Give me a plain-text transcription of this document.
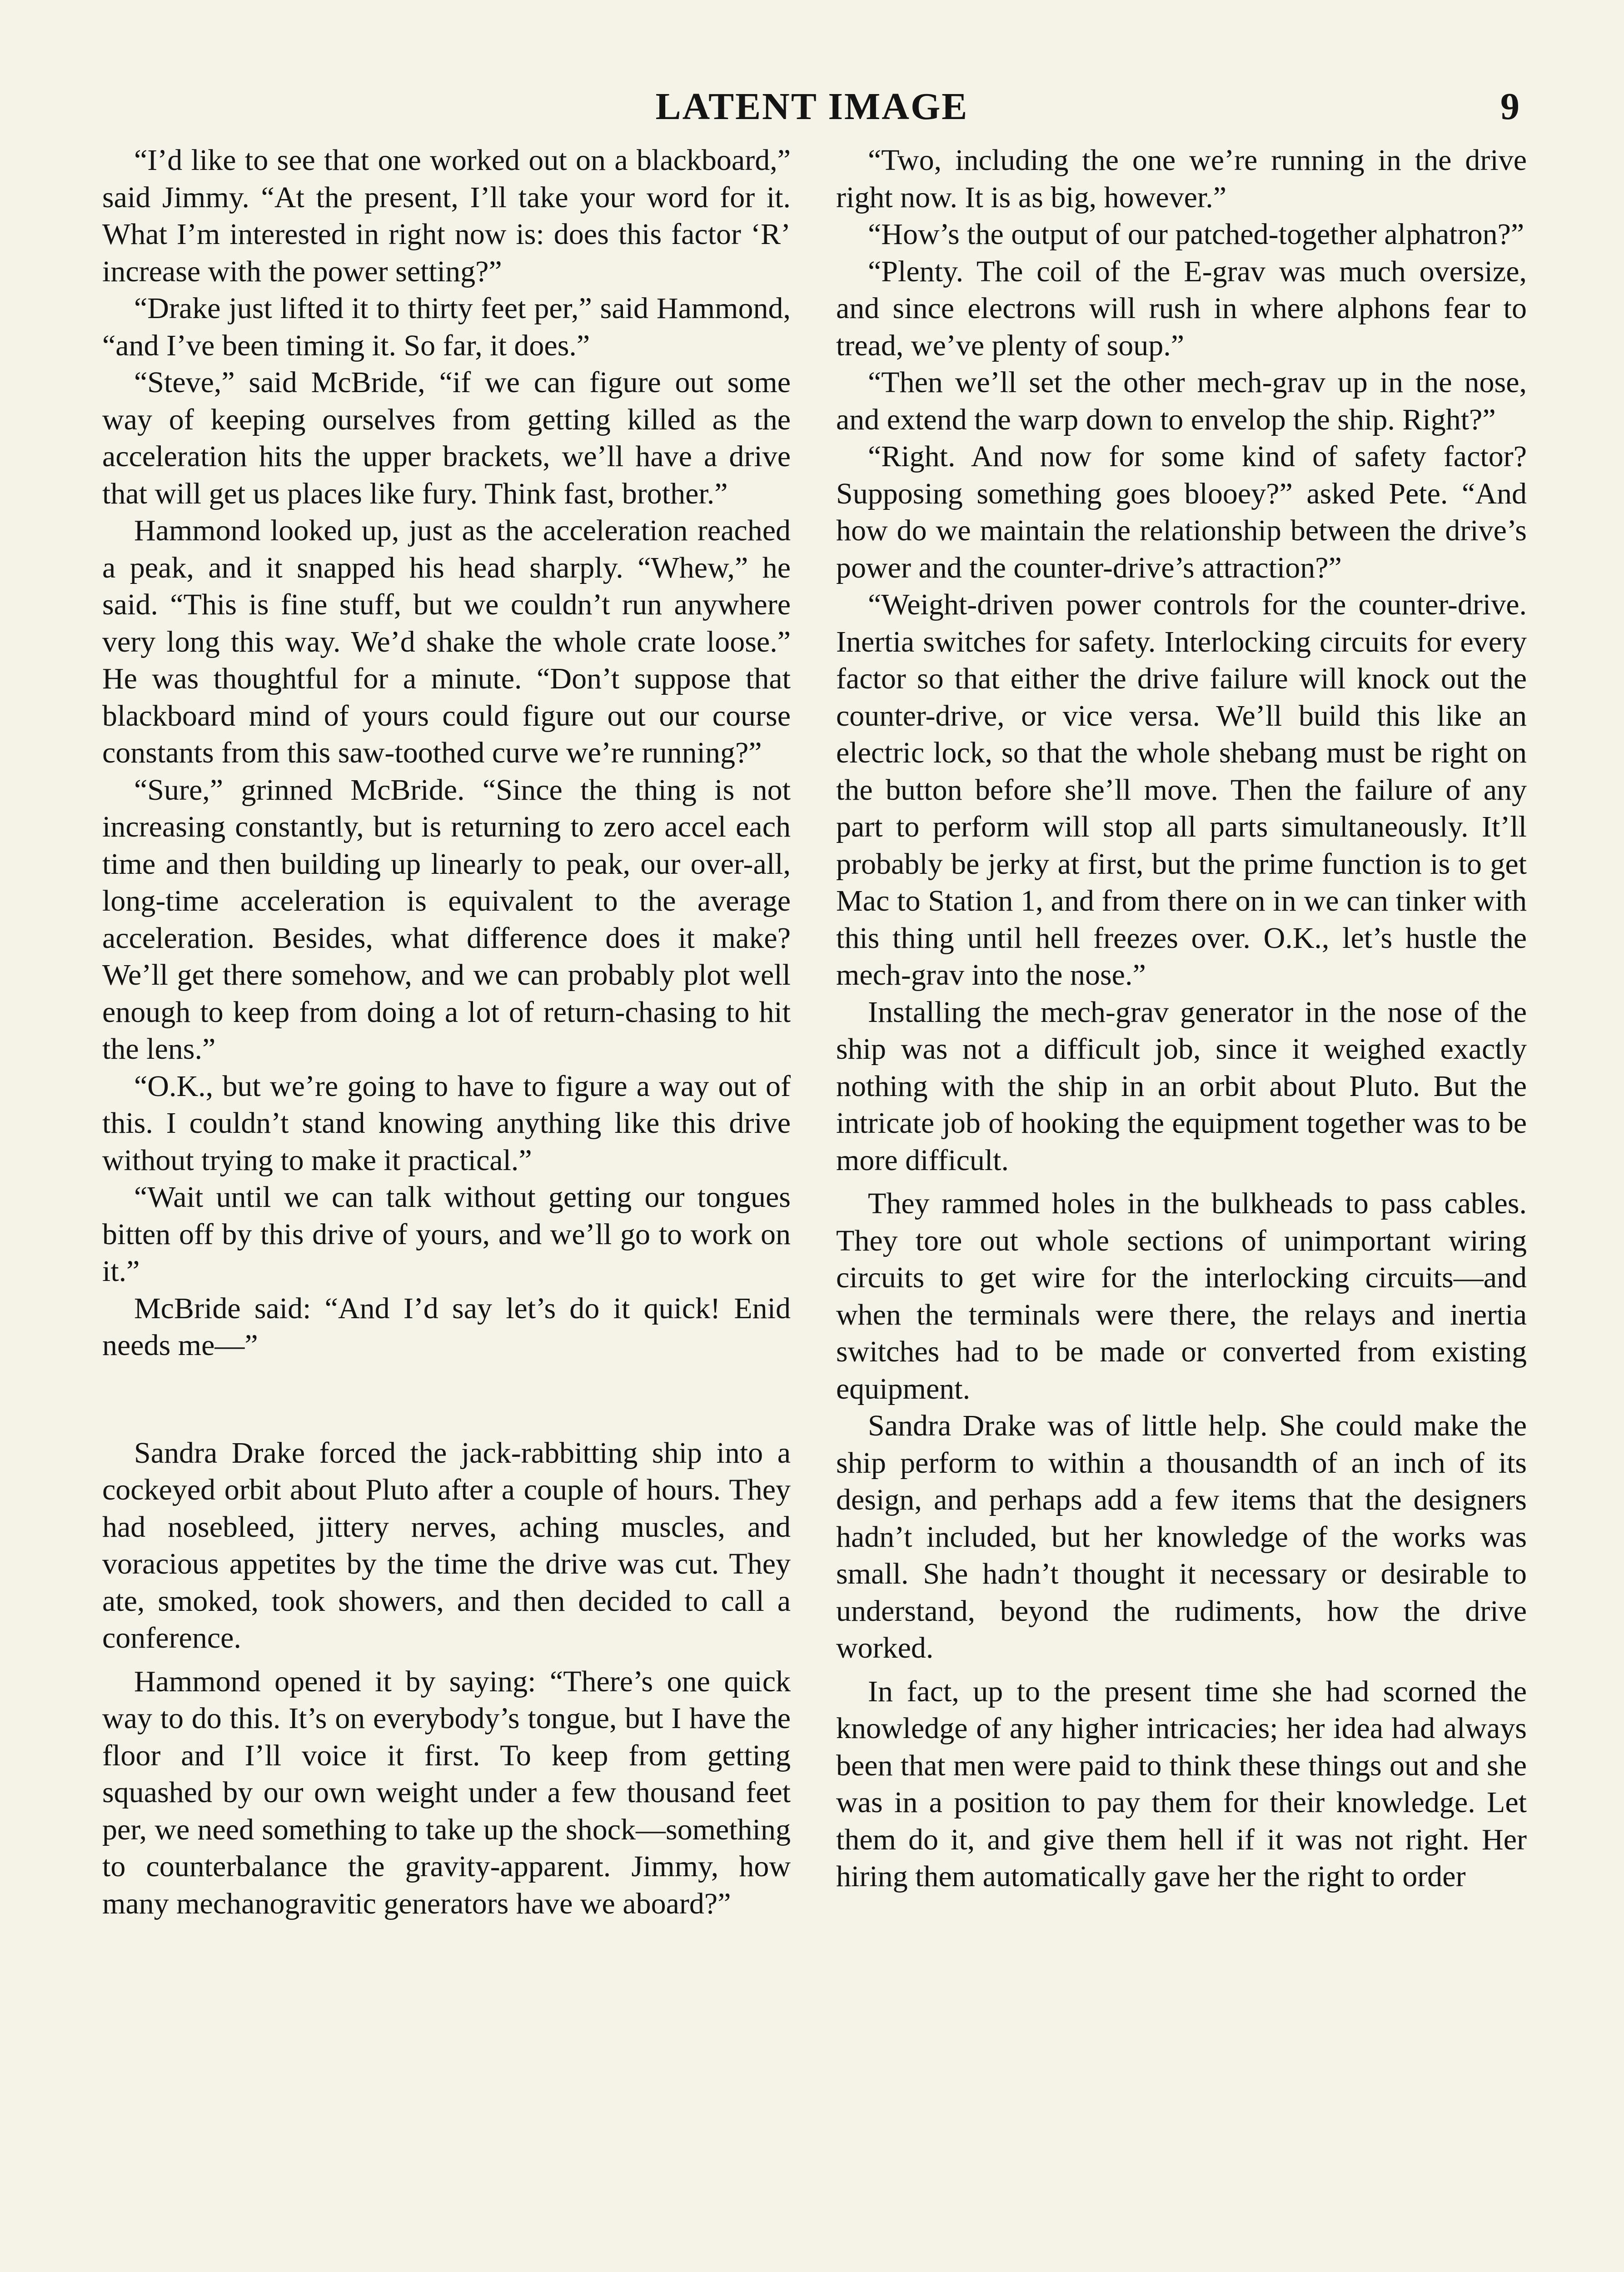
LATENT IMAGE	9

“I’d like to see that one worked out on a blackboard,” said Jimmy. “At the present, I’ll take your word for it. What I’m interested in right now is: does this factor ‘R’ increase with the power setting?”

“Drake just lifted it to thirty feet per,” said Hammond, “and I’ve been timing it. So far, it does.”

“Steve,” said McBride, “if we can figure out some way of keeping ourselves from getting killed as the acceleration hits the upper brackets, we’ll have a drive that will get us places like fury. Think fast, brother.”

Hammond looked up, just as the acceleration reached a peak, and it snapped his head sharply. “Whew,” he said. “This is fine stuff, but we couldn’t run anywhere very long this way. We’d shake the whole crate loose.” He was thoughtful for a minute. “Don’t suppose that blackboard mind of yours could figure out our course constants from this saw-toothed curve we’re running?”

“Sure,” grinned McBride. “Since the thing is not increasing constantly, but is returning to zero accel each time and then building up linearly to peak, our over-all, long-time acceleration is equivalent to the average acceleration. Besides, what difference does it make? We’ll get there somehow, and we can probably plot well enough to keep from doing a lot of return-chasing to hit the lens.”

“O.K., but we’re going to have to figure a way out of this. I couldn’t stand knowing anything like this drive without trying to make it practical.”

“Wait until we can talk without getting our tongues bitten off by this drive of yours, and we’ll go to work on it.”

McBride said: “And I’d say let’s do it quick! Enid needs me—”

Sandra Drake forced the jack-rabbitting ship into a cockeyed orbit about Pluto after a couple of hours. They had nosebleed, jittery nerves, aching muscles, and voracious appetites by the time the drive was cut. They ate, smoked, took showers, and then decided to call a conference.

Hammond opened it by saying: “There’s one quick way to do this. It’s on everybody’s tongue, but I have the floor and I’ll voice it first. To keep from getting squashed by our own weight under a few thousand feet per, we need something to take up the shock—something to counterbalance the gravity-apparent. Jimmy, how many mechanogravitic generators have we aboard?”

“Two, including the one we’re running in the drive right now. It is as big, however.”

“How’s the output of our patched-together alphatron?”

“Plenty. The coil of the E-grav was much oversize, and since electrons will rush in where alphons fear to tread, we’ve plenty of soup.”

“Then we’ll set the other mech-grav up in the nose, and extend the warp down to envelop the ship. Right?”

“Right. And now for some kind of safety factor? Supposing something goes blooey?” asked Pete. “And how do we maintain the relationship between the drive’s power and the counter-drive’s attraction?”

“Weight-driven power controls for the counter-drive. Inertia switches for safety. Interlocking circuits for every factor so that either the drive failure will knock out the counter-drive, or vice versa. We’ll build this like an electric lock, so that the whole shebang must be right on the button before she’ll move. Then the failure of any part to perform will stop all parts simultaneously. It’ll probably be jerky at first, but the prime function is to get Mac to Station 1, and from there on in we can tinker with this thing until hell freezes over. O.K., let’s hustle the mech-grav into the nose.”

Installing the mech-grav generator in the nose of the ship was not a difficult job, since it weighed exactly nothing with the ship in an orbit about Pluto. But the intricate job of hooking the equipment together was to be more difficult.

They rammed holes in the bulkheads to pass cables. They tore out whole sections of unimportant wiring circuits to get wire for the interlocking circuits—and when the terminals were there, the relays and inertia switches had to be made or converted from existing equipment.

Sandra Drake was of little help. She could make the ship perform to within a thousandth of an inch of its design, and perhaps add a few items that the designers hadn’t included, but her knowledge of the works was small. She hadn’t thought it necessary or desirable to understand, beyond the rudiments, how the drive worked.

In fact, up to the present time she had scorned the knowledge of any higher intricacies; her idea had always been that men were paid to think these things out and she was in a position to pay them for their knowledge. Let them do it, and give them hell if it was not right. Her hiring them automatically gave her the right to order
